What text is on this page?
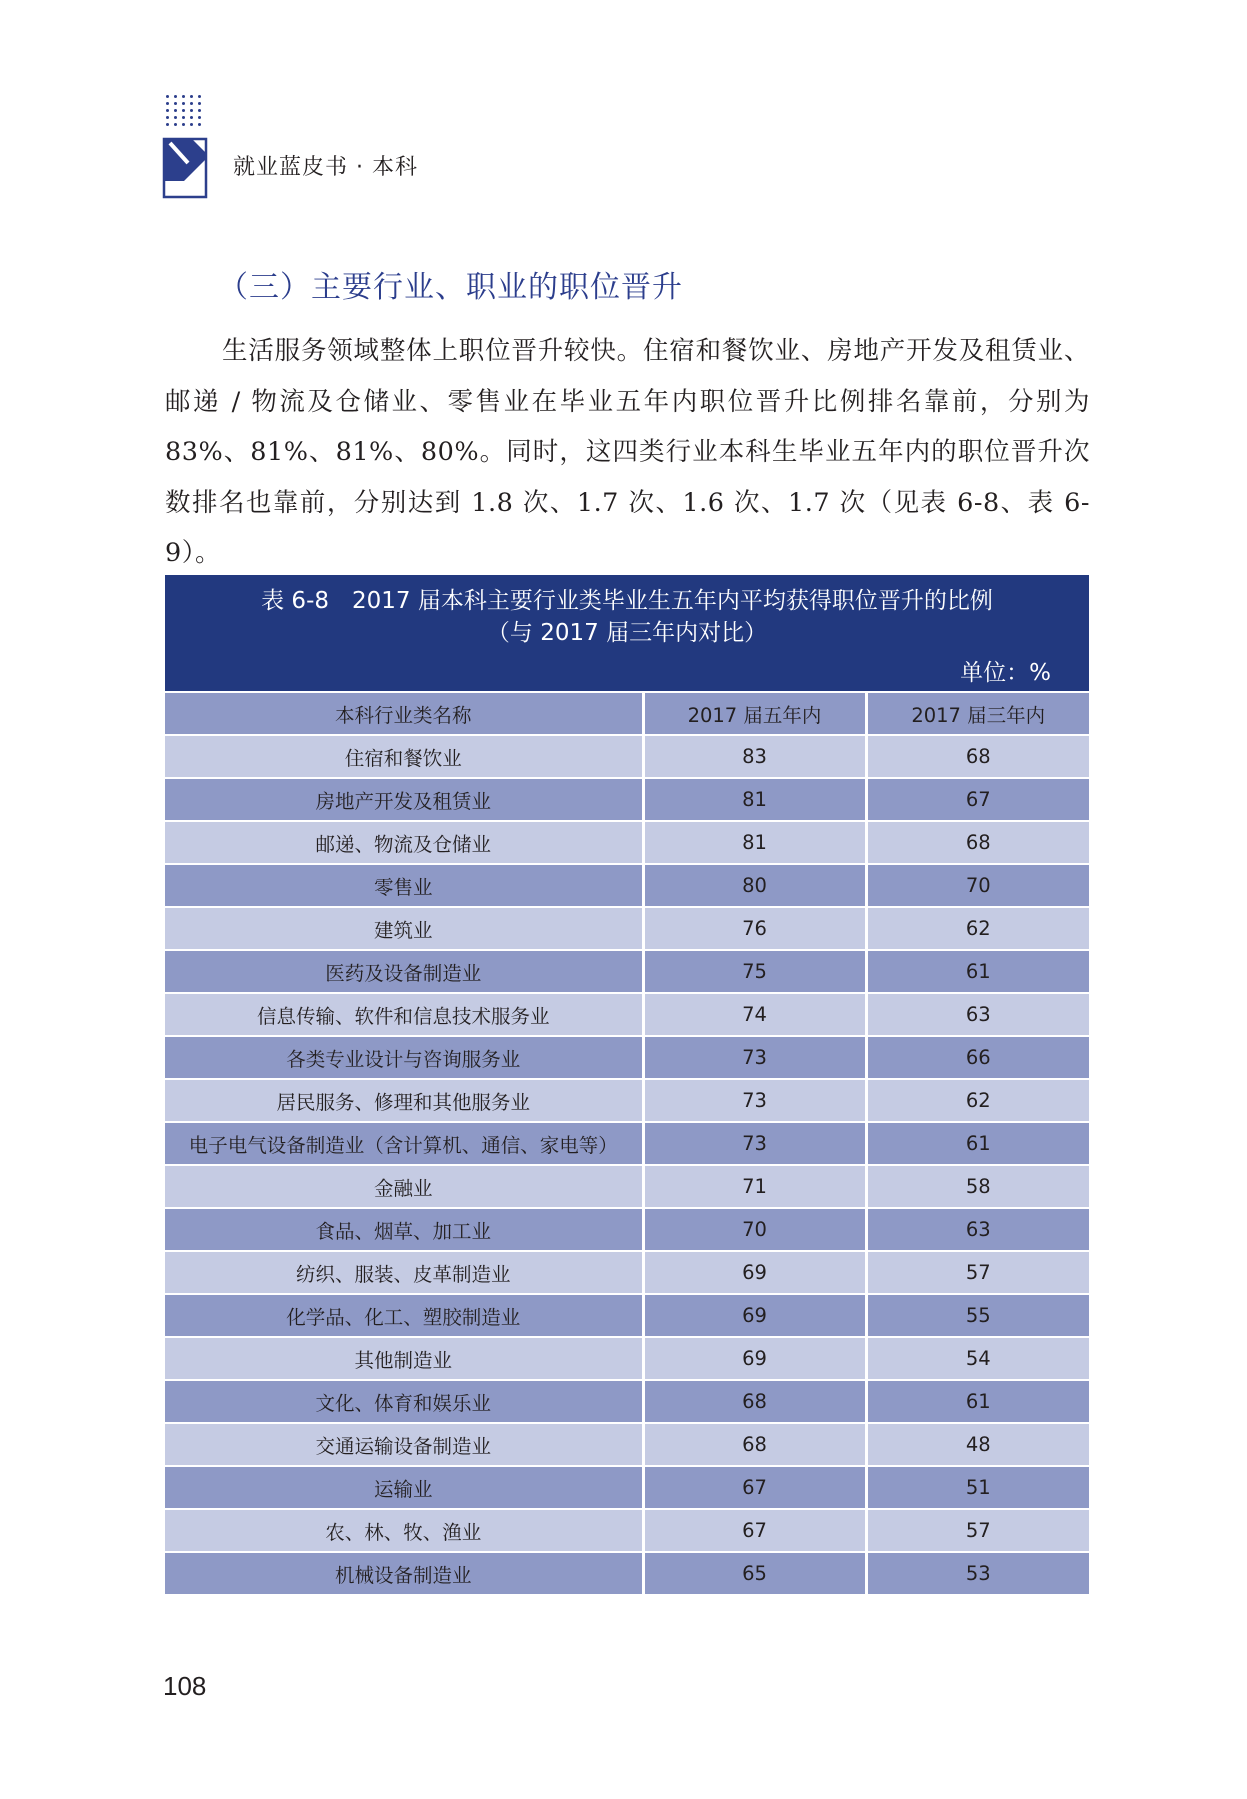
就业蓝皮书 · 本科
（三）主要行业、职业的职位晋升

生活服务领域整体上职位晋升较快。住宿和餐饮业、房地产开发及租赁业、邮递 / 物流及仓储业、零售业在毕业五年内职位晋升比例排名靠前，分别为 83%、81%、81%、80%。同时，这四类行业本科生毕业五年内的职位晋升次数排名也靠前，分别达到 1.8 次、1.7 次、1.6 次、1.7 次（见表 6-8、表 6-9）。

表 6-8　2017 届本科主要行业类毕业生五年内平均获得职位晋升的比例
（与 2017 届三年内对比）
单位：%
本科行业类名称	2017 届五年内	2017 届三年内
住宿和餐饮业	83	68
房地产开发及租赁业	81	67
邮递、物流及仓储业	81	68
零售业	80	70
建筑业	76	62
医药及设备制造业	75	61
信息传输、软件和信息技术服务业	74	63
各类专业设计与咨询服务业	73	66
居民服务、修理和其他服务业	73	62
电子电气设备制造业（含计算机、通信、家电等）	73	61
金融业	71	58
食品、烟草、加工业	70	63
纺织、服装、皮革制造业	69	57
化学品、化工、塑胶制造业	69	55
其他制造业	69	54
文化、体育和娱乐业	68	61
交通运输设备制造业	68	48
运输业	67	51
农、林、牧、渔业	67	57
机械设备制造业	65	53
108
